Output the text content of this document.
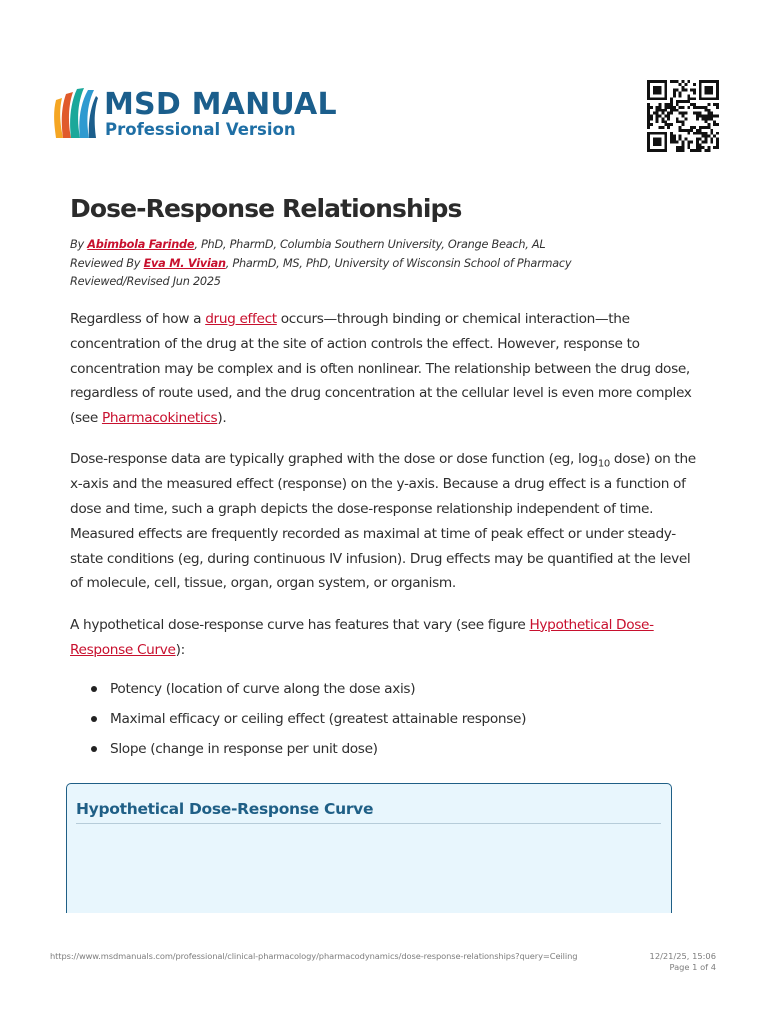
MSD MANUAL
Professional Version
Dose-Response Relationships
By Abimbola Farinde, PhD, PharmD, Columbia Southern University, Orange Beach, AL
Reviewed By Eva M. Vivian, PharmD, MS, PhD, University of Wisconsin School of Pharmacy
Reviewed/Revised Jun 2025

Regardless of how a drug effect occurs—through binding or chemical interaction—the concentration of the drug at the site of action controls the effect. However, response to concentration may be complex and is often nonlinear. The relationship between the drug dose, regardless of route used, and the drug concentration at the cellular level is even more complex (see Pharmacokinetics).

Dose-response data are typically graphed with the dose or dose function (eg, $\log_{10}$ dose) on the x-axis and the measured effect (response) on the y-axis. Because a drug effect is a function of dose and time, such a graph depicts the dose-response relationship independent of time. Measured effects are frequently recorded as maximal at time of peak effect or under steady-state conditions (eg, during continuous IV infusion). Drug effects may be quantified at the level of molecule, cell, tissue, organ, organ system, or organism.

A hypothetical dose-response curve has features that vary (see figure Hypothetical Dose-Response Curve):

Potency (location of curve along the dose axis)
Maximal efficacy or ceiling effect (greatest attainable response)
Slope (change in response per unit dose)
Hypothetical Dose-Response Curve
https://www.msdmanuals.com/professional/clinical-pharmacology/pharmacodynamics/dose-response-relationships?query=Ceiling	12/21/25, 15:06
Page 1 of 4
